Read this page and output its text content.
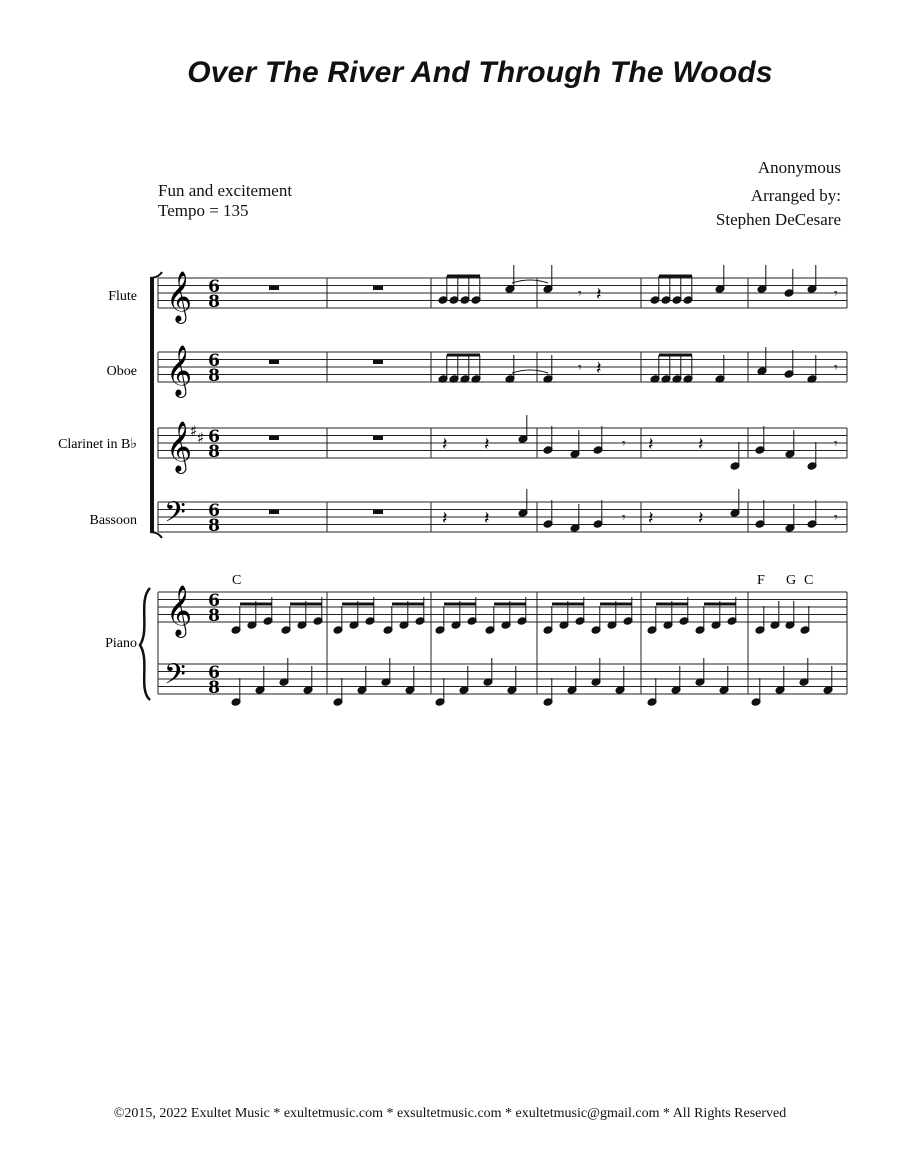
Over The River And Through The Woods
Fun and excitement
Tempo = 135
Anonymous
Arranged by:
Stephen DeCesare
𝄞
𝄞
𝄞
𝄢
𝄞
𝄢
♯ ♯
6
8
6
8
6
8
6
8
6
8
6
8
𝄾 𝄽	𝄾
𝄾 𝄽	𝄾
𝄽 𝄽	𝄾 𝄽 𝄽	𝄾
𝄽 𝄽	𝄾 𝄽 𝄽	𝄾
Flute
Oboe
Clarinet in B♭
Bassoon
Piano
C	F G C
©2015, 2022 Exultet Music * exultetmusic.com * exsultetmusic.com * exultetmusic@gmail.com * All Rights Reserved
